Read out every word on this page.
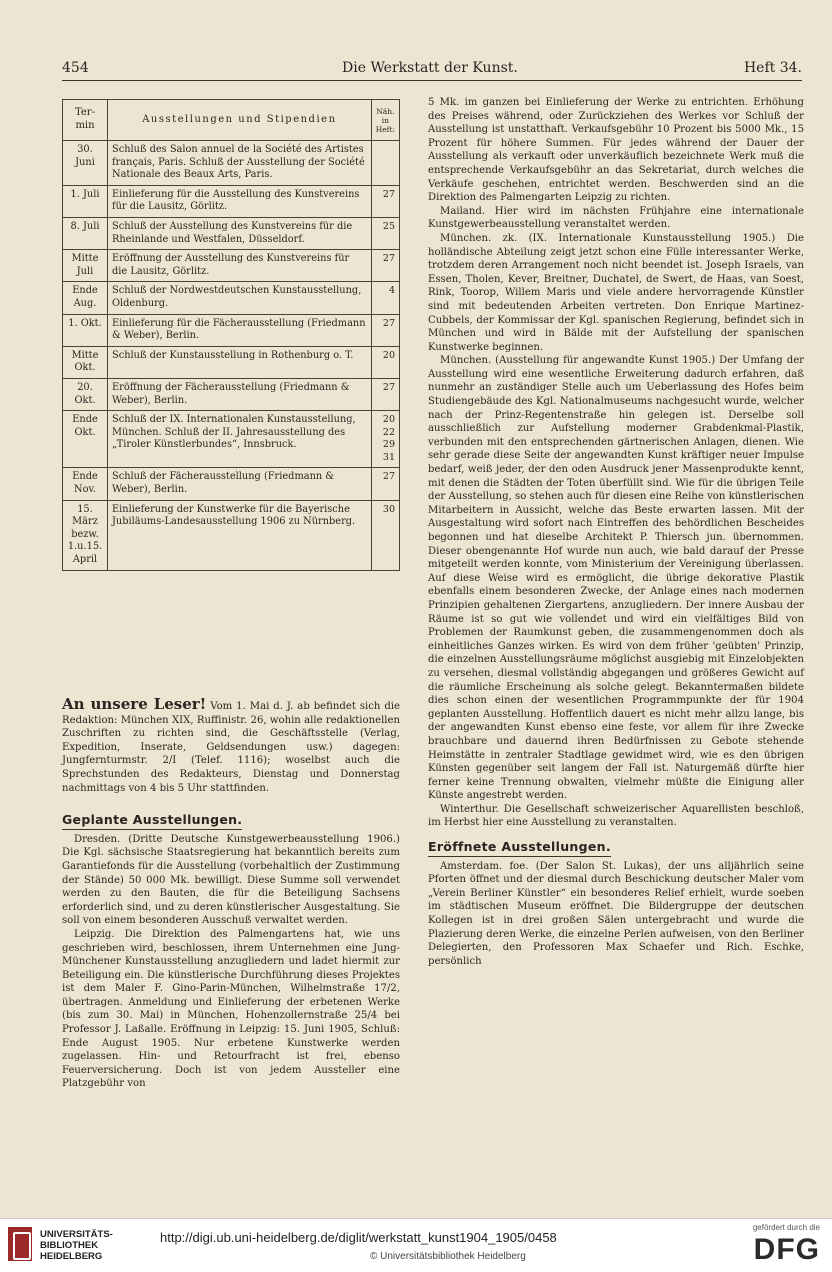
454	Die Werkstatt der Kunst.	Heft 34.
Ter-min	Ausstellungen und Stipendien	Näh. in Heft:
30. Juni	Schluß des Salon annuel de la Société des Artistes français, Paris. Schluß der Ausstellung der Société Nationale des Beaux Arts, Paris.	
1. Juli	Einlieferung für die Ausstellung des Kunstvereins für die Lausitz, Görlitz.	27
8. Juli	Schluß der Ausstellung des Kunstvereins für die Rheinlande und Westfalen, Düsseldorf.	25
Mitte Juli	Eröffnung der Ausstellung des Kunstvereins für die Lausitz, Görlitz.	27
Ende Aug.	Schluß der Nordwestdeutschen Kunstausstellung, Oldenburg.	4
1. Okt.	Einlieferung für die Fächerausstellung (Friedmann & Weber), Berlin.	27
Mitte Okt.	Schluß der Kunstausstellung in Rothenburg o. T.	20
20. Okt.	Eröffnung der Fächerausstellung (Friedmann & Weber), Berlin.	27
Ende Okt.	Schluß der IX. Internationalen Kunstausstellung, München. Schluß der II. Jahresausstellung des „Tiroler Künstlerbundes“, Innsbruck.	20 22 29 31
Ende Nov.	Schluß der Fächerausstellung (Friedmann & Weber), Berlin.	27
15. März bezw. 1.u.15. April	Einlieferung der Kunstwerke für die Bayerische Jubiläums-Landesausstellung 1906 zu Nürnberg.	30

An unsere Leser! Vom 1. Mai d. J. ab befindet sich die Redaktion: München XIX, Ruffinistr. 26, wohin alle redaktionellen Zuschriften zu richten sind, die Geschäftsstelle (Verlag, Expedition, Inserate, Geldsendungen usw.) dagegen: Jungfernturmstr. 2/I (Telef. 1116); woselbst auch die Sprechstunden des Redakteurs, Dienstag und Donnerstag nachmittags von 4 bis 5 Uhr stattfinden.

Geplante Ausstellungen.

Dresden. (Dritte Deutsche Kunstgewerbeausstellung 1906.) Die Kgl. sächsische Staatsregierung hat bekanntlich bereits zum Garantiefonds für die Ausstellung (vorbehaltlich der Zustimmung der Stände) 50 000 Mk. bewilligt. Diese Summe soll verwendet werden zu den Bauten, die für die Beteiligung Sachsens erforderlich sind, und zu deren künstlerischer Ausgestaltung. Sie soll von einem besonderen Ausschuß verwaltet werden.

Leipzig. Die Direktion des Palmengartens hat, wie uns geschrieben wird, beschlossen, ihrem Unternehmen eine Jung-Münchener Kunstausstellung anzugliedern und ladet hiermit zur Beteiligung ein. Die künstlerische Durchführung dieses Projektes ist dem Maler F. Gino-Parin-München, Wilhelmstraße 17/2, übertragen. Anmeldung und Einlieferung der erbetenen Werke (bis zum 30. Mai) in München, Hohenzollernstraße 25/4 bei Professor J. Laßalle. Eröffnung in Leipzig: 15. Juni 1905, Schluß: Ende August 1905. Nur erbetene Kunstwerke werden zugelassen. Hin- und Retourfracht ist frei, ebenso Feuerversicherung. Doch ist von jedem Aussteller eine Platzgebühr von

5 Mk. im ganzen bei Einlieferung der Werke zu entrichten. Erhöhung des Preises während, oder Zurückziehen des Werkes vor Schluß der Ausstellung ist unstatthaft. Verkaufsgebühr 10 Prozent bis 5000 Mk., 15 Prozent für höhere Summen. Für jedes während der Dauer der Ausstellung als verkauft oder unverkäuflich bezeichnete Werk muß die entsprechende Verkaufsgebühr an das Sekretariat, durch welches die Verkäufe geschehen, entrichtet werden. Beschwerden sind an die Direktion des Palmengarten Leipzig zu richten.

Mailand. Hier wird im nächsten Frühjahre eine internationale Kunstgewerbeausstellung veranstaltet werden.

München. zk. (IX. Internationale Kunstausstellung 1905.) Die holländische Abteilung zeigt jetzt schon eine Fülle interessanter Werke, trotzdem deren Arrangement noch nicht beendet ist. Joseph Israels, van Essen, Tholen, Kever, Breitner, Duchatel, de Swert, de Haas, van Soest, Rink, Toorop, Willem Maris und viele andere hervorragende Künstler sind mit bedeutenden Arbeiten vertreten. Don Enrique Martinez-Cubbels, der Kommissar der Kgl. spanischen Regierung, befindet sich in München und wird in Bälde mit der Aufstellung der spanischen Kunstwerke beginnen.

München. (Ausstellung für angewandte Kunst 1905.) Der Umfang der Ausstellung wird eine wesentliche Erweiterung dadurch erfahren, daß nunmehr an zuständiger Stelle auch um Ueberlassung des Hofes beim Studiengebäude des Kgl. Nationalmuseums nachgesucht wurde, welcher nach der Prinz-Regentenstraße hin gelegen ist. Derselbe soll ausschließlich zur Aufstellung moderner Grabdenkmal-Plastik, verbunden mit den entsprechenden gärtnerischen Anlagen, dienen. Wie sehr gerade diese Seite der angewandten Kunst kräftiger neuer Impulse bedarf, weiß jeder, der den oden Ausdruck jener Massenprodukte kennt, mit denen die Städten der Toten überfüllt sind. Wie für die übrigen Teile der Ausstellung, so stehen auch für diesen eine Reihe von künstlerischen Mitarbeitern in Aussicht, welche das Beste erwarten lassen. Mit der Ausgestaltung wird sofort nach Eintreffen des behördlichen Bescheides begonnen und hat dieselbe Architekt P. Thiersch jun. übernommen. Dieser obengenannte Hof wurde nun auch, wie bald darauf der Presse mitgeteilt werden konnte, vom Ministerium der Vereinigung überlassen. Auf diese Weise wird es ermöglicht, die übrige dekorative Plastik ebenfalls einem besonderen Zwecke, der Anlage eines nach modernen Prinzipien gehaltenen Ziergartens, anzugliedern. Der innere Ausbau der Räume ist so gut wie vollendet und wird ein vielfältiges Bild von Problemen der Raumkunst geben, die zusammengenommen doch als einheitliches Ganzes wirken. Es wird von dem früher 'geübten' Prinzip, die einzelnen Ausstellungsräume möglichst ausgiebig mit Einzelobjekten zu versehen, diesmal vollständig abgegangen und größeres Gewicht auf die räumliche Erscheinung als solche gelegt. Bekanntermaßen bildete dies schon einen der wesentlichen Programmpunkte der für 1904 geplanten Ausstellung. Hoffentlich dauert es nicht mehr allzu lange, bis der angewandten Kunst ebenso eine feste, vor allem für ihre Zwecke brauchbare und dauernd ihren Bedürfnissen zu Gebote stehende Heimstätte in zentraler Stadtlage gewidmet wird, wie es den übrigen Künsten gegenüber seit langem der Fall ist. Naturgemäß dürfte hier ferner keine Trennung obwalten, vielmehr müßte die Einigung aller Künste angestrebt werden.

Winterthur. Die Gesellschaft schweizerischer Aquarellisten beschloß, im Herbst hier eine Ausstellung zu veranstalten.

Eröffnete Ausstellungen.

Amsterdam. foe. (Der Salon St. Lukas), der uns alljährlich seine Pforten öffnet und der diesmal durch Beschickung deutscher Maler vom „Verein Berliner Künstler“ ein besonderes Relief erhielt, wurde soeben im städtischen Museum eröffnet. Die Bildergruppe der deutschen Kollegen ist in drei großen Sälen untergebracht und wurde die Plazierung deren Werke, die einzelne Perlen aufweisen, von den Berliner Delegierten, den Professoren Max Schaefer und Rich. Eschke, persönlich

UNIVERSITÄTS-BIBLIOTHEK HEIDELBERG
http://digi.ub.uni-heidelberg.de/diglit/werkstatt_kunst1904_1905/0458
© Universitätsbibliothek Heidelberg
gefördert durch die
DFG
